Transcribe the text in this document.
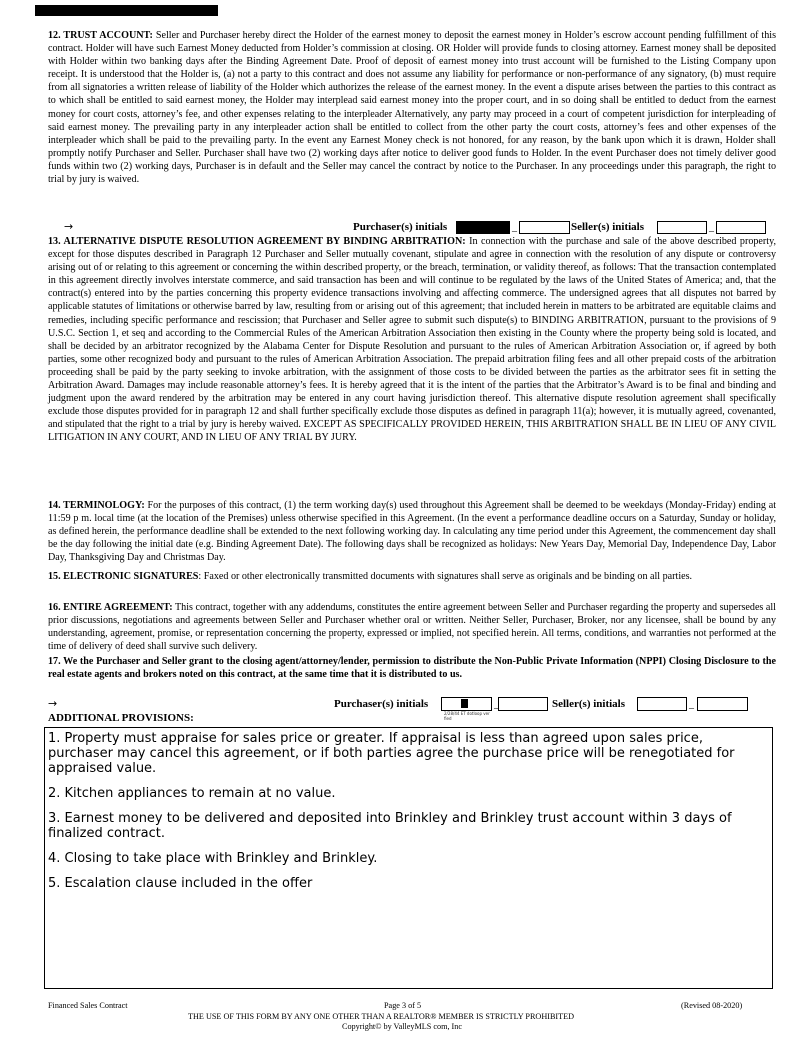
12. TRUST ACCOUNT: Seller and Purchaser hereby direct the Holder of the earnest money to deposit the earnest money in Holder’s escrow account pending fulfillment of this contract. Holder will have such Earnest Money deducted from Holder’s commission at closing. OR Holder will provide funds to closing attorney. Earnest money shall be deposited with Holder within two banking days after the Binding Agreement Date. Proof of deposit of earnest money into trust account will be furnished to the Listing Company upon receipt. It is understood that the Holder is, (a) not a party to this contract and does not assume any liability for performance or non-performance of any signatory, (b) must require from all signatories a written release of liability of the Holder which authorizes the release of the earnest money. In the event a dispute arises between the parties to this contract as to which shall be entitled to said earnest money, the Holder may interplead said earnest money into the proper court, and in so doing shall be entitled to deduct from the earnest money for court costs, attorney’s fee, and other expenses relating to the interpleader Alternatively, any party may proceed in a court of competent jurisdiction for interpleading of said earnest money. The prevailing party in any interpleader action shall be entitled to collect from the other party the court costs, attorney’s fees and other expenses of the interpleader which shall be paid to the prevailing party. In the event any Earnest Money check is not honored, for any reason, by the bank upon which it is drawn, Holder shall promptly notify Purchaser and Seller. Purchaser shall have two (2) working days after notice to deliver good funds to Holder. In the event Purchaser does not timely deliver good funds within two (2) working days, Purchaser is in default and the Seller may cancel the contract by notice to the Purchaser. In any proceedings under this paragraph, the right to trial by jury is waived.

→	Purchaser(s) initials	_	Seller(s) initials	_

13. ALTERNATIVE DISPUTE RESOLUTION AGREEMENT BY BINDING ARBITRATION: In connection with the purchase and sale of the above described property, except for those disputes described in Paragraph 12 Purchaser and Seller mutually covenant, stipulate and agree in connection with the resolution of any dispute or controversy arising out of or relating to this agreement or concerning the within described property, or the breach, termination, or validity thereof, as follows: That the transaction contemplated in this agreement directly involves interstate commerce, and said transaction has been and will continue to be regulated by the laws of the United States of America; and, that the contract(s) entered into by the parties concerning this property evidence transactions involving and affecting commerce. The undersigned agrees that all disputes not barred by applicable statutes of limitations or otherwise barred by law, resulting from or arising out of this agreement; that included herein in matters to be arbitrated are equitable claims and remedies, including specific performance and rescission; that Purchaser and Seller agree to submit such dispute(s) to BINDING ARBITRATION, pursuant to the provisions of 9 U.S.C. Section 1, et seq and according to the Commercial Rules of the American Arbitration Association then existing in the County where the property being sold is located, and shall be decided by an arbitrator recognized by the Alabama Center for Dispute Resolution and pursuant to the rules of American Arbitration Association or, if agreed by both parties, some other recognized body and pursuant to the rules of American Arbitration Association. The prepaid arbitration filing fees and all other prepaid costs of the arbitration proceeding shall be paid by the party seeking to invoke arbitration, with the assignment of those costs to be divided between the parties as the arbitrator sees fit in setting the Arbitration Award. Damages may include reasonable attorney’s fees. It is hereby agreed that it is the intent of the parties that the Arbitrator’s Award is to be final and binding and judgment upon the award rendered by the arbitration may be entered in any court having jurisdiction thereof. This alternative dispute resolution agreement shall specifically exclude those disputes provided for in paragraph 12 and shall further specifically exclude those disputes as defined in paragraph 11(a); however, it is mutually agreed, covenanted, and stipulated that the right to a trial by jury is hereby waived. EXCEPT AS SPECIFICALLY PROVIDED HEREIN, THIS ARBITRATION SHALL BE IN LIEU OF ANY CIVIL LITIGATION IN ANY COURT, AND IN LIEU OF ANY TRIAL BY JURY.

14. TERMINOLOGY: For the purposes of this contract, (1) the term working day(s) used throughout this Agreement shall be deemed to be weekdays (Monday-Friday) ending at 11:59 p m. local time (at the location of the Premises) unless otherwise specified in this Agreement. (In the event a performance deadline occurs on a Saturday, Sunday or holiday, as defined herein, the performance deadline shall be extended to the next following working day. In calculating any time period under this Agreement, the commencement day shall be the day following the initial date (e.g. Binding Agreement Date). The following days shall be recognized as holidays: New Years Day, Memorial Day, Independence Day, Labor Day, Thanksgiving Day and Christmas Day.

15. ELECTRONIC SIGNATURES: Faxed or other electronically transmitted documents with signatures shall serve as originals and be binding on all parties.

16. ENTIRE AGREEMENT: This contract, together with any addendums, constitutes the entire agreement between Seller and Purchaser regarding the property and supersedes all prior discussions, negotiations and agreements between Seller and Purchaser whether oral or written. Neither Seller, Purchaser, Broker, nor any licensee, shall be bound by any understanding, agreement, promise, or representation concerning the property, expressed or implied, not specified herein. All terms, conditions, and warranties not performed at the time of delivery of deed shall survive such delivery.

17. We the Purchaser and Seller grant to the closing agent/attorney/lender, permission to distribute the Non-Public Private Information (NPPI) Closing Disclosure to the real estate agents and brokers noted on this contract, at the same time that it is distributed to us.

→	Purchaser(s) initials
2/28/44 ET dotloop ver fied
_	Seller(s) initials	_
ADDITIONAL PROVISIONS:

1. Property must appraise for sales price or greater. If appraisal is less than agreed upon sales price, purchaser may cancel this agreement, or if both parties agree the purchase price will be renegotiated for appraised value.

2. Kitchen appliances to remain at no value.

3. Earnest money to be delivered and deposited into Brinkley and Brinkley trust account within 3 days of finalized contract.

4. Closing to take place with Brinkley and Brinkley.

5. Escalation clause included in the offer

Financed Sales Contract	Page 3 of 5	(Revised 08-2020)
THE USE OF THIS FORM BY ANY ONE OTHER THAN A REALTOR® MEMBER IS STRICTLY PROHIBITED
Copyright© by ValleyMLS com, Inc
